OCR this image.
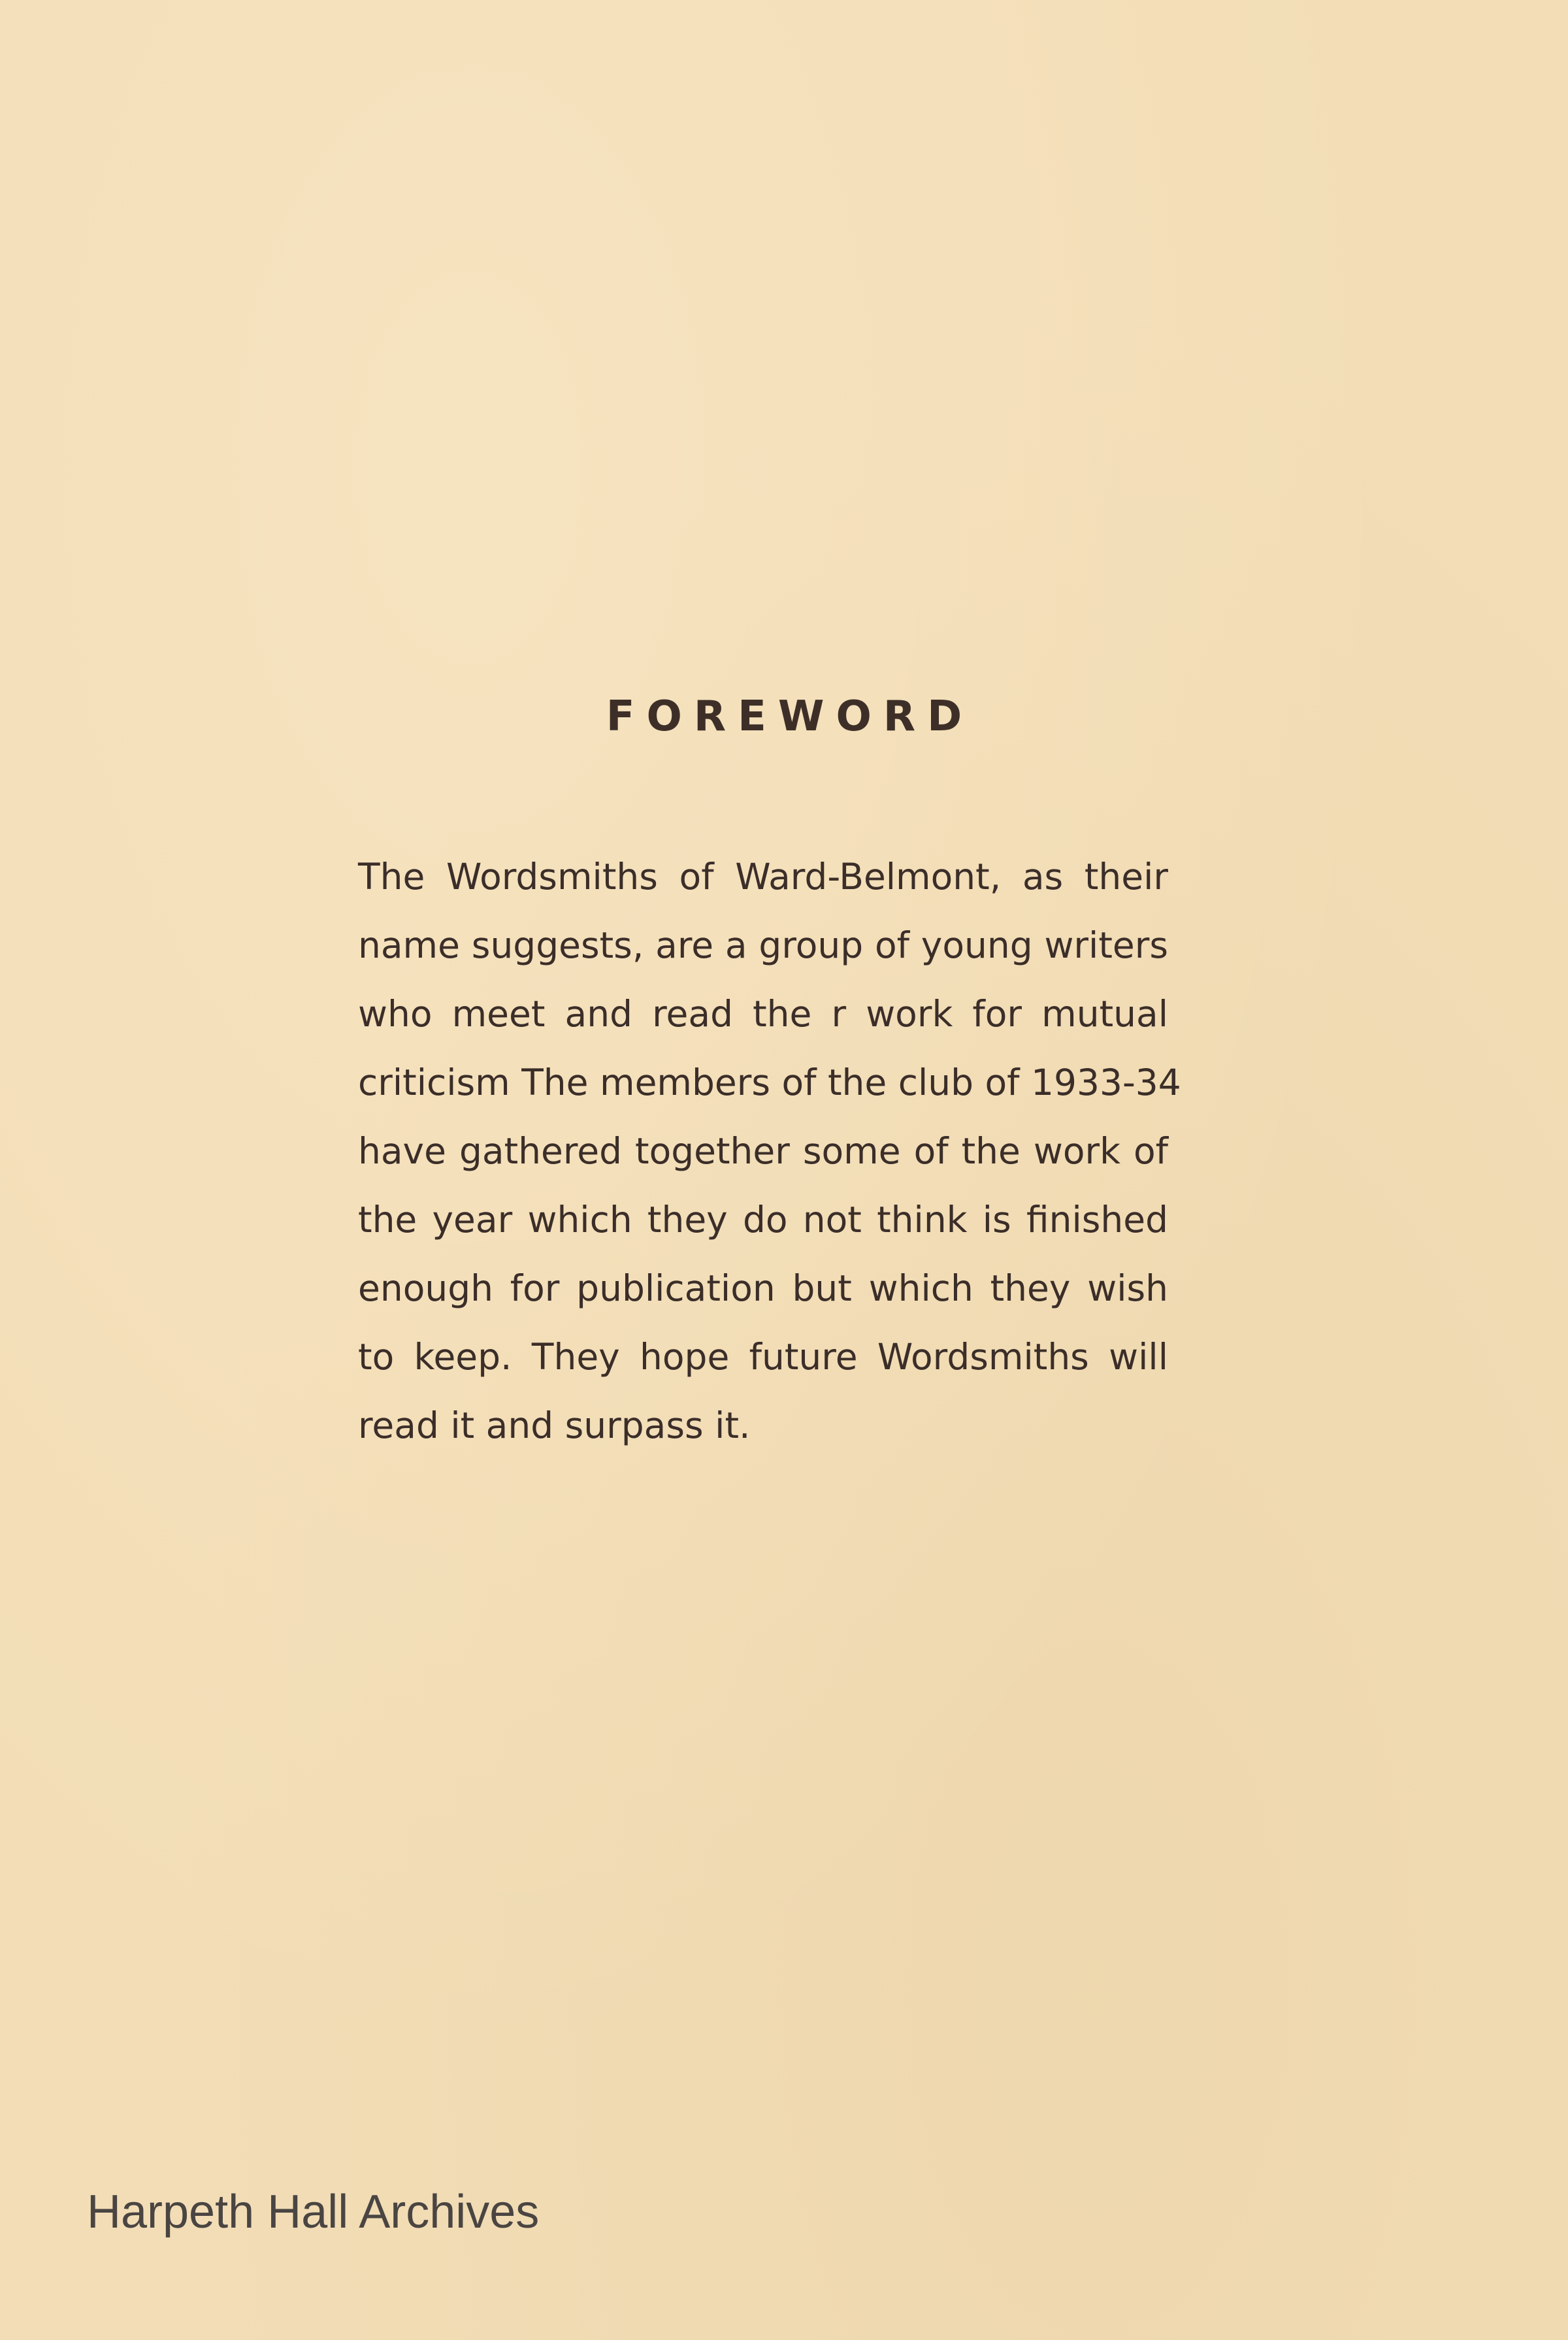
FOREWORD
The Wordsmiths of Ward-Belmont, as their
name suggests, are a group of young writers
who meet and read the r work for mutual
criticism The members of the club of 1933-34
have gathered together some of the work of
the year which they do not think is finished
enough for publication but which they wish
to keep. They hope future Wordsmiths will
read it and surpass it.
Harpeth Hall Archives
